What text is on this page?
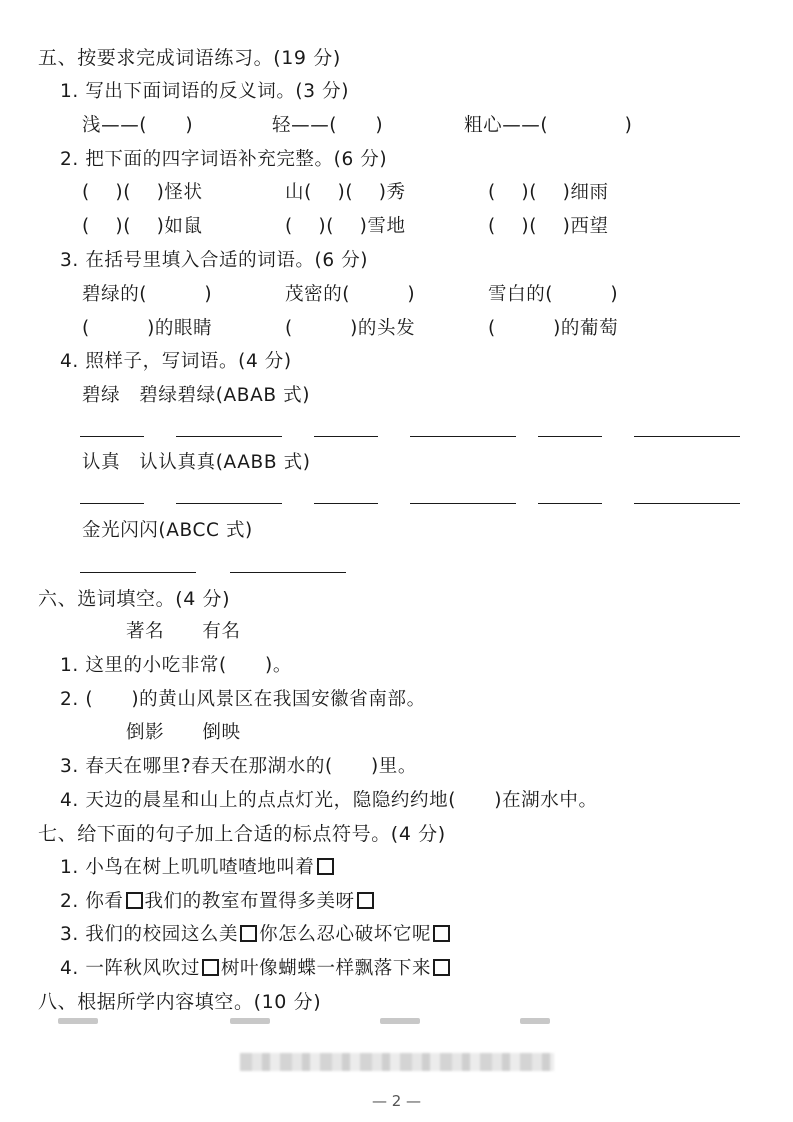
五、按要求完成词语练习。(19 分)
1. 写出下面词语的反义词。(3 分)
浅——(　　)	轻——(　　)	粗心——(　　　　)
2. 把下面的四字词语补充完整。(6 分)
(　 )(　 )怪状	山(　 )(　 )秀	(　 )(　 )细雨
(　 )(　 )如鼠	(　 )(　 )雪地	(　 )(　 )西望
3. 在括号里填入合适的词语。(6 分)
碧绿的(　　　)	茂密的(　　　)	雪白的(　　　)
(　　　)的眼睛	(　　　)的头发	(　　　)的葡萄
4. 照样子，写词语。(4 分)
碧绿　碧绿碧绿(ABAB 式)
认真　认认真真(AABB 式)
金光闪闪(ABCC 式)
六、选词填空。(4 分)
著名　　有名
1. 这里的小吃非常(　　)。
2. (　　)的黄山风景区在我国安徽省南部。
倒影　　倒映
3. 春天在哪里?春天在那湖水的(　　)里。
4. 天边的晨星和山上的点点灯光，隐隐约约地(　　)在湖水中。
七、给下面的句子加上合适的标点符号。(4 分)
1. 小鸟在树上叽叽喳喳地叫着
2. 你看 我们的教室布置得多美呀
3. 我们的校园这么美 你怎么忍心破坏它呢
4. 一阵秋风吹过 树叶像蝴蝶一样飘落下来
八、根据所学内容填空。(10 分)
— 2 —
